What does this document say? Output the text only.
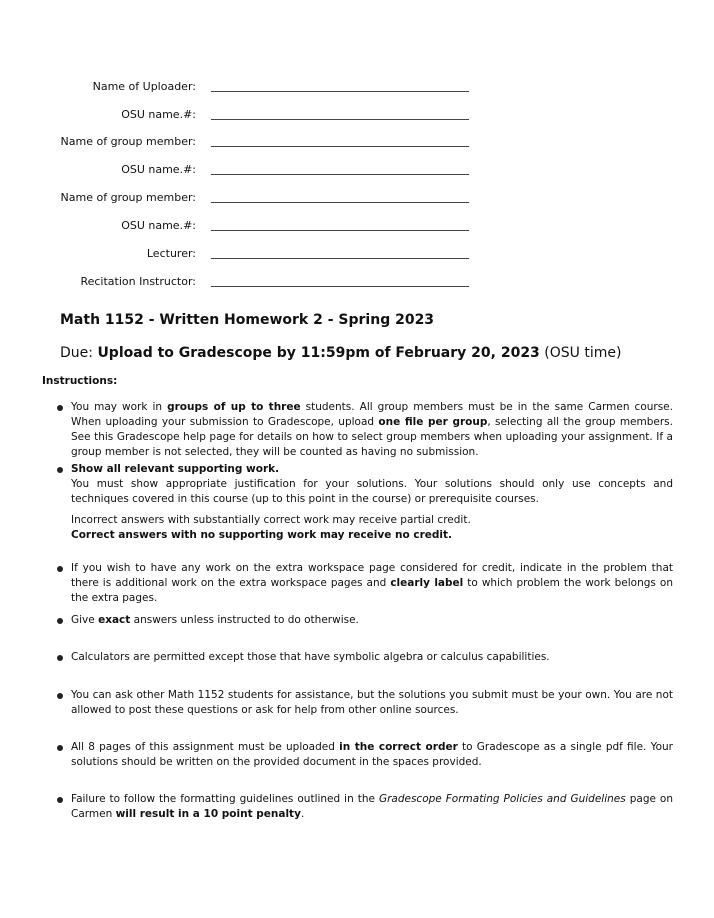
Name of Uploader:
OSU name.#:
Name of group member:
OSU name.#:
Name of group member:
OSU name.#:
Lecturer:
Recitation Instructor:
Math 1152 - Written Homework 2 - Spring 2023
Due: Upload to Gradescope by 11:59pm of February 20, 2023 (OSU time)
Instructions:

You may work in groups of up to three students. All group members must be in the same Carmen course. When uploading your submission to Gradescope, upload one file per group, selecting all the group members. See this Gradescope help page for details on how to select group members when uploading your assignment. If a group member is not selected, they will be counted as having no submission.

Show all relevant supporting work.

You must show appropriate justification for your solutions. Your solutions should only use concepts and techniques covered in this course (up to this point in the course) or prerequisite courses.

Incorrect answers with substantially correct work may receive partial credit.

Correct answers with no supporting work may receive no credit.

If you wish to have any work on the extra workspace page considered for credit, indicate in the problem that there is additional work on the extra workspace pages and clearly label to which problem the work belongs on the extra pages.

Give exact answers unless instructed to do otherwise.

Calculators are permitted except those that have symbolic algebra or calculus capabilities.

You can ask other Math 1152 students for assistance, but the solutions you submit must be your own. You are not allowed to post these questions or ask for help from other online sources.

All 8 pages of this assignment must be uploaded in the correct order to Gradescope as a single pdf file. Your solutions should be written on the provided document in the spaces provided.

Failure to follow the formatting guidelines outlined in the Gradescope Formating Policies and Guidelines page on Carmen will result in a 10 point penalty.
